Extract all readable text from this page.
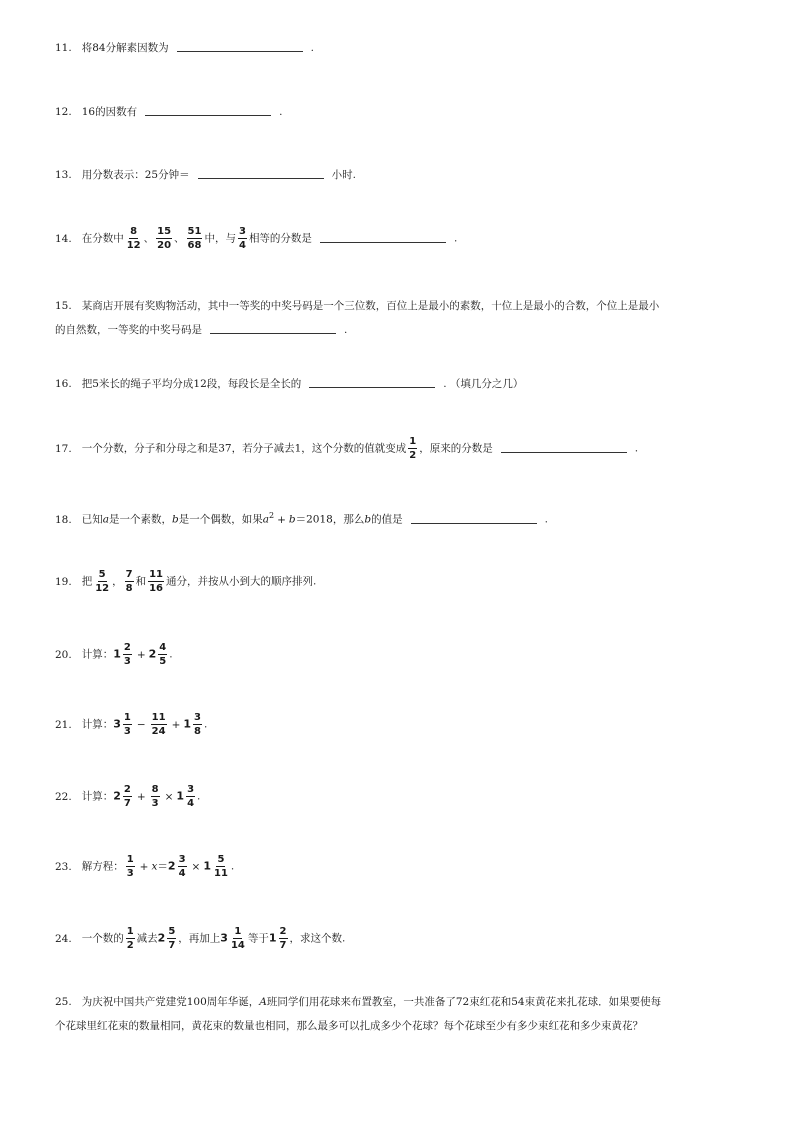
11. 将84分解素因数为	.
12. 16的因数有	.
13. 用分数表示：25分钟＝	小时.
14. 在分数中 $\frac{8}{12}$ 、 $\frac{15}{20}$ 、 $\frac{51}{68}$ 中，与 $\frac{3}{4}$ 相等的分数是	.
15. 某商店开展有奖购物活动，其中一等奖的中奖号码是一个三位数，百位上是最小的素数，十位上是最小的合数，个位上是最小
的自然数，一等奖的中奖号码是	.
16. 把5米长的绳子平均分成12段，每段长是全长的	. （填几分之几）
17. 一个分数，分子和分母之和是37，若分子减去1，这个分数的值就变成 $\frac{1}{2}$ ，原来的分数是	.
18. 已知a是一个素数，b是一个偶数，如果$a^2 + b=2018$，那么b的值是	.
19. 把 $\frac{5}{12}$ ， $\frac{7}{8}$ 和 $\frac{11}{16}$ 通分，并按从小到大的顺序排列.
20. 计算：$1 \frac{2}{3} + 2 \frac{4}{5}$ .
21. 计算：$3 \frac{1}{3} - \frac{11}{24} + 1 \frac{3}{8}$ .
22. 计算：$2 \frac{2}{7} + \frac{8}{3} \times 1 \frac{3}{4}$ .
23. 解方程： $\frac{1}{3} + x=2 \frac{3}{4} \times 1 \frac{5}{11}$ .
24. 一个数的 $\frac{1}{2}$ 减去$2 \frac{5}{7}$ ，再加上$3 \frac{1}{14}$ 等于$1 \frac{2}{7}$ ，求这个数.
25. 为庆祝中国共产党建党100周年华诞，A班同学们用花球来布置教室，一共准备了72束红花和54束黄花来扎花球．如果要使每
个花球里红花束的数量相同，黄花束的数量也相同，那么最多可以扎成多少个花球？每个花球至少有多少束红花和多少束黄花？
